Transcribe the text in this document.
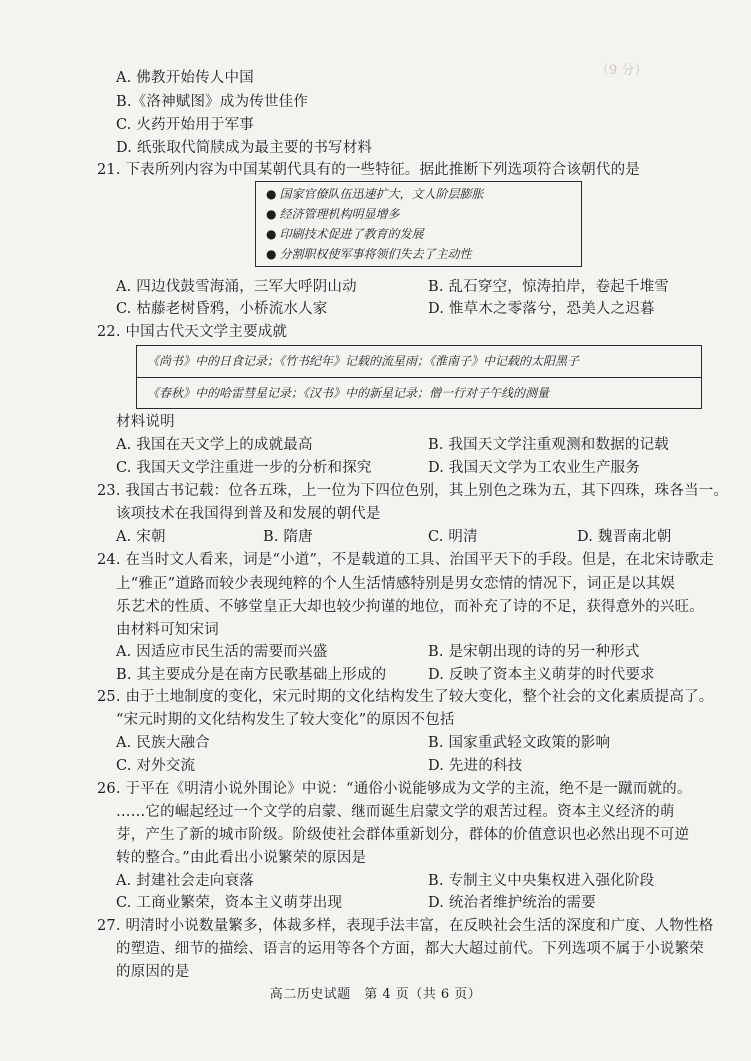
（9 分）
A. 佛教开始传人中国
B.《洛神赋图》成为传世佳作
C. 火药开始用于军事
D. 纸张取代简牍成为最主要的书写材料
21. 下表所列内容为中国某朝代具有的一些特征。据此推断下列选项符合该朝代的是
● 国家官僚队伍迅速扩大，文人阶层膨胀
● 经济管理机构明显增多
● 印刷技术促进了教育的发展
● 分割职权使军事将领们失去了主动性
A. 四边伐鼓雪海涌，三军大呼阴山动	B. 乱石穿空，惊涛拍岸，卷起千堆雪
C. 枯藤老树昏鸦，小桥流水人家	D. 惟草木之零落兮，恐美人之迟暮
22. 中国古代天文学主要成就
《尚书》中的日食记录；《竹书纪年》记载的流星雨；《淮南子》中记载的太阳黑子
《春秋》中的哈雷彗星记录；《汉书》中的新星记录；僧一行对子午线的测量
材料说明
A. 我国在天文学上的成就最高	B. 我国天文学注重观测和数据的记载
C. 我国天文学注重进一步的分析和探究	D. 我国天文学为工农业生产服务
23. 我国古书记载：位各五珠，上一位为下四位色别，其上别色之珠为五，其下四珠，珠各当一。
该项技术在我国得到普及和发展的朝代是
A. 宋朝	B. 隋唐	C. 明清	D. 魏晋南北朝
24. 在当时文人看来，词是“小道”，不是载道的工具、治国平天下的手段。但是，在北宋诗歌走
上“雅正”道路而较少表现纯粹的个人生活情感特别是男女恋情的情况下，词正是以其娱
乐艺术的性质、不够堂皇正大却也较少拘谨的地位，而补充了诗的不足，获得意外的兴旺。
由材料可知宋词
A. 因适应市民生活的需要而兴盛	B. 是宋朝出现的诗的另一种形式
B. 其主要成分是在南方民歌基础上形成的	D. 反映了资本主义萌芽的时代要求
25. 由于土地制度的变化，宋元时期的文化结构发生了较大变化，整个社会的文化素质提高了。
“宋元时期的文化结构发生了较大变化”的原因不包括
A. 民族大融合	B. 国家重武轻文政策的影响
C. 对外交流	D. 先进的科技
26. 于平在《明清小说外围论》中说：“通俗小说能够成为文学的主流，绝不是一蹴而就的。
……它的崛起经过一个文学的启蒙、继而诞生启蒙文学的艰苦过程。资本主义经济的萌
芽，产生了新的城市阶级。阶级使社会群体重新划分，群体的价值意识也必然出现不可逆
转的整合。”由此看出小说繁荣的原因是
A. 封建社会走向衰落	B. 专制主义中央集权进入强化阶段
C. 工商业繁荣，资本主义萌芽出现	D. 统治者维护统治的需要
27. 明清时小说数量繁多，体裁多样，表现手法丰富，在反映社会生活的深度和广度、人物性格
的塑造、细节的描绘、语言的运用等各个方面，都大大超过前代。下列选项不属于小说繁荣
的原因的是
高二历史试题　第 4 页（共 6 页）
